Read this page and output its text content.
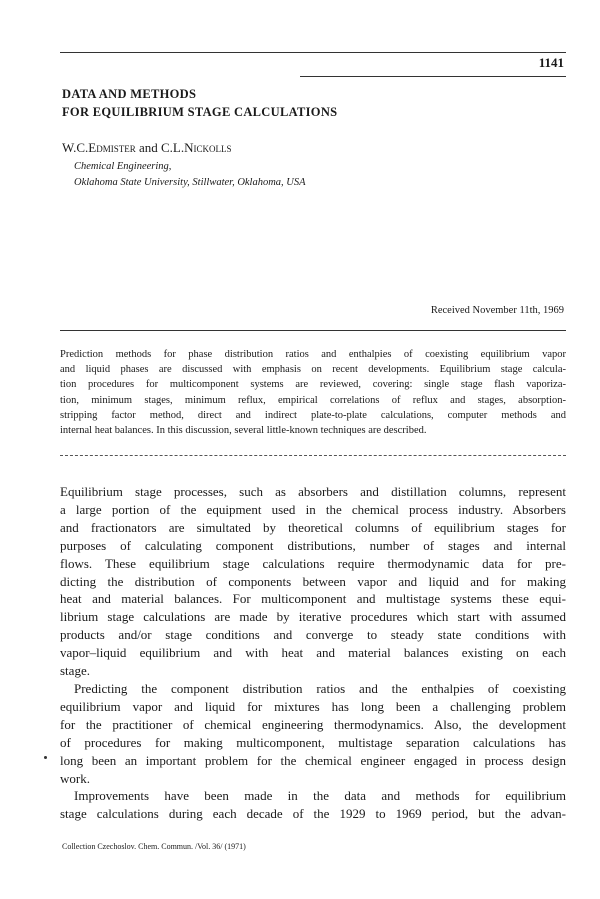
1141
DATA AND METHODS
FOR EQUILIBRIUM STAGE CALCULATIONS
W.C.Edmister and C.L.Nickolls
Chemical Engineering,
Oklahoma State University, Stillwater, Oklahoma, USA
Received November 11th, 1969
Prediction methods for phase distribution ratios and enthalpies of coexisting equilibrium vapor
and liquid phases are discussed with emphasis on recent developments. Equilibrium stage calcula-
tion procedures for multicomponent systems are reviewed, covering: single stage flash vaporiza-
tion, minimum stages, minimum reflux, empirical correlations of reflux and stages, absorption-
stripping factor method, direct and indirect plate-to-plate calculations, computer methods and
internal heat balances. In this discussion, several little-known techniques are described.
Equilibrium stage processes, such as absorbers and distillation columns, represent
a large portion of the equipment used in the chemical process industry. Absorbers
and fractionators are simultated by theoretical columns of equilibrium stages for
purposes of calculating component distributions, number of stages and internal
flows. These equilibrium stage calculations require thermodynamic data for pre-
dicting the distribution of components between vapor and liquid and for making
heat and material balances. For multicomponent and multistage systems these equi-
librium stage calculations are made by iterative procedures which start with assumed
products and/or stage conditions and converge to steady state conditions with
vapor–liquid equilibrium and with heat and material balances existing on each
stage.
Predicting the component distribution ratios and the enthalpies of coexisting
equilibrium vapor and liquid for mixtures has long been a challenging problem
for the practitioner of chemical engineering thermodynamics. Also, the development
of procedures for making multicomponent, multistage separation calculations has
long been an important problem for the chemical engineer engaged in process design
work.
Improvements have been made in the data and methods for equilibrium
stage calculations during each decade of the 1929 to 1969 period, but the advan-
Collection Czechoslov. Chem. Commun. /Vol. 36/ (1971)
